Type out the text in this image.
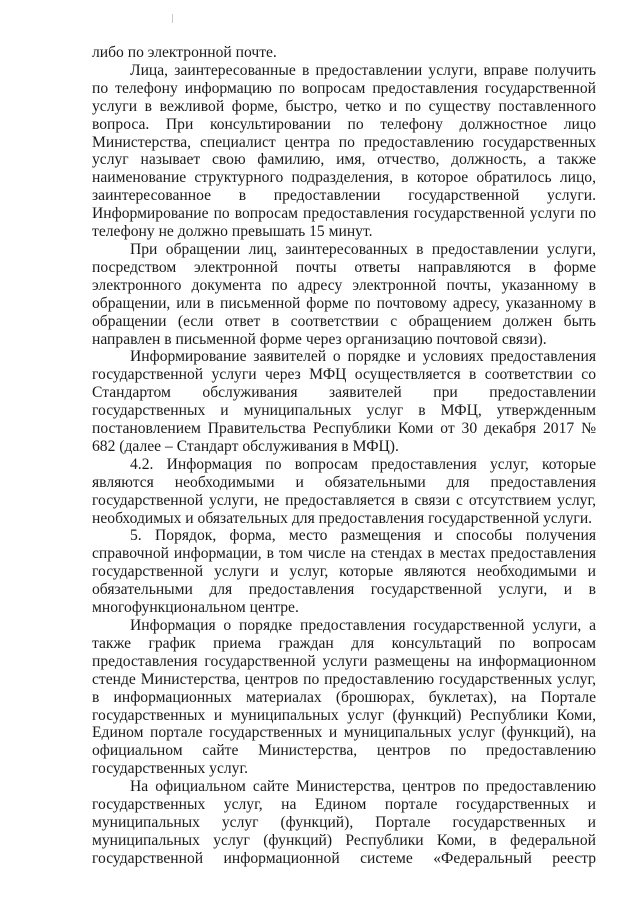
либо по электронной почте.

Лица, заинтересованные в предоставлении услуги, вправе получить по телефону информацию по вопросам предоставления государственной услуги в вежливой форме, быстро, четко и по существу поставленного вопроса. При консультировании по телефону должностное лицо Министерства, специалист центра по предоставлению государственных услуг называет свою фамилию, имя, отчество, должность, а также наименование структурного подразделения, в которое обратилось лицо, заинтересованное в предоставлении государственной услуги. Информирование по вопросам предоставления государственной услуги по телефону не должно превышать 15 минут.

При обращении лиц, заинтересованных в предоставлении услуги, посредством электронной почты ответы направляются в форме электронного документа по адресу электронной почты, указанному в обращении, или в письменной форме по почтовому адресу, указанному в обращении (если ответ в соответствии с обращением должен быть направлен в письменной форме через организацию почтовой связи).

Информирование заявителей о порядке и условиях предоставления государственной услуги через МФЦ осуществляется в соответствии со Стандартом обслуживания заявителей при предоставлении государственных и муниципальных услуг в МФЦ, утвержденным постановлением Правительства Республики Коми от 30 декабря 2017 № 682 (далее – Стандарт обслуживания в МФЦ).

4.2. Информация по вопросам предоставления услуг, которые являются необходимыми и обязательными для предоставления государственной услуги, не предоставляется в связи с отсутствием услуг, необходимых и обязательных для предоставления государственной услуги.

5. Порядок, форма, место размещения и способы получения справочной информации, в том числе на стендах в местах предоставления государственной услуги и услуг, которые являются необходимыми и обязательными для предоставления государственной услуги, и в многофункциональном центре.

Информация о порядке предоставления государственной услуги, а также график приема граждан для консультаций по вопросам предоставления государственной услуги размещены на информационном стенде Министерства, центров по предоставлению государственных услуг, в информационных материалах (брошюрах, буклетах), на Портале государственных и муниципальных услуг (функций) Республики Коми, Едином портале государственных и муниципальных услуг (функций), на официальном сайте Министерства, центров по предоставлению государственных услуг.

На официальном сайте Министерства, центров по предоставлению государственных услуг, на Едином портале государственных и муниципальных услуг (функций), Портале государственных и муниципальных услуг (функций) Республики Коми, в федеральной государственной информационной системе «Федеральный реестр
